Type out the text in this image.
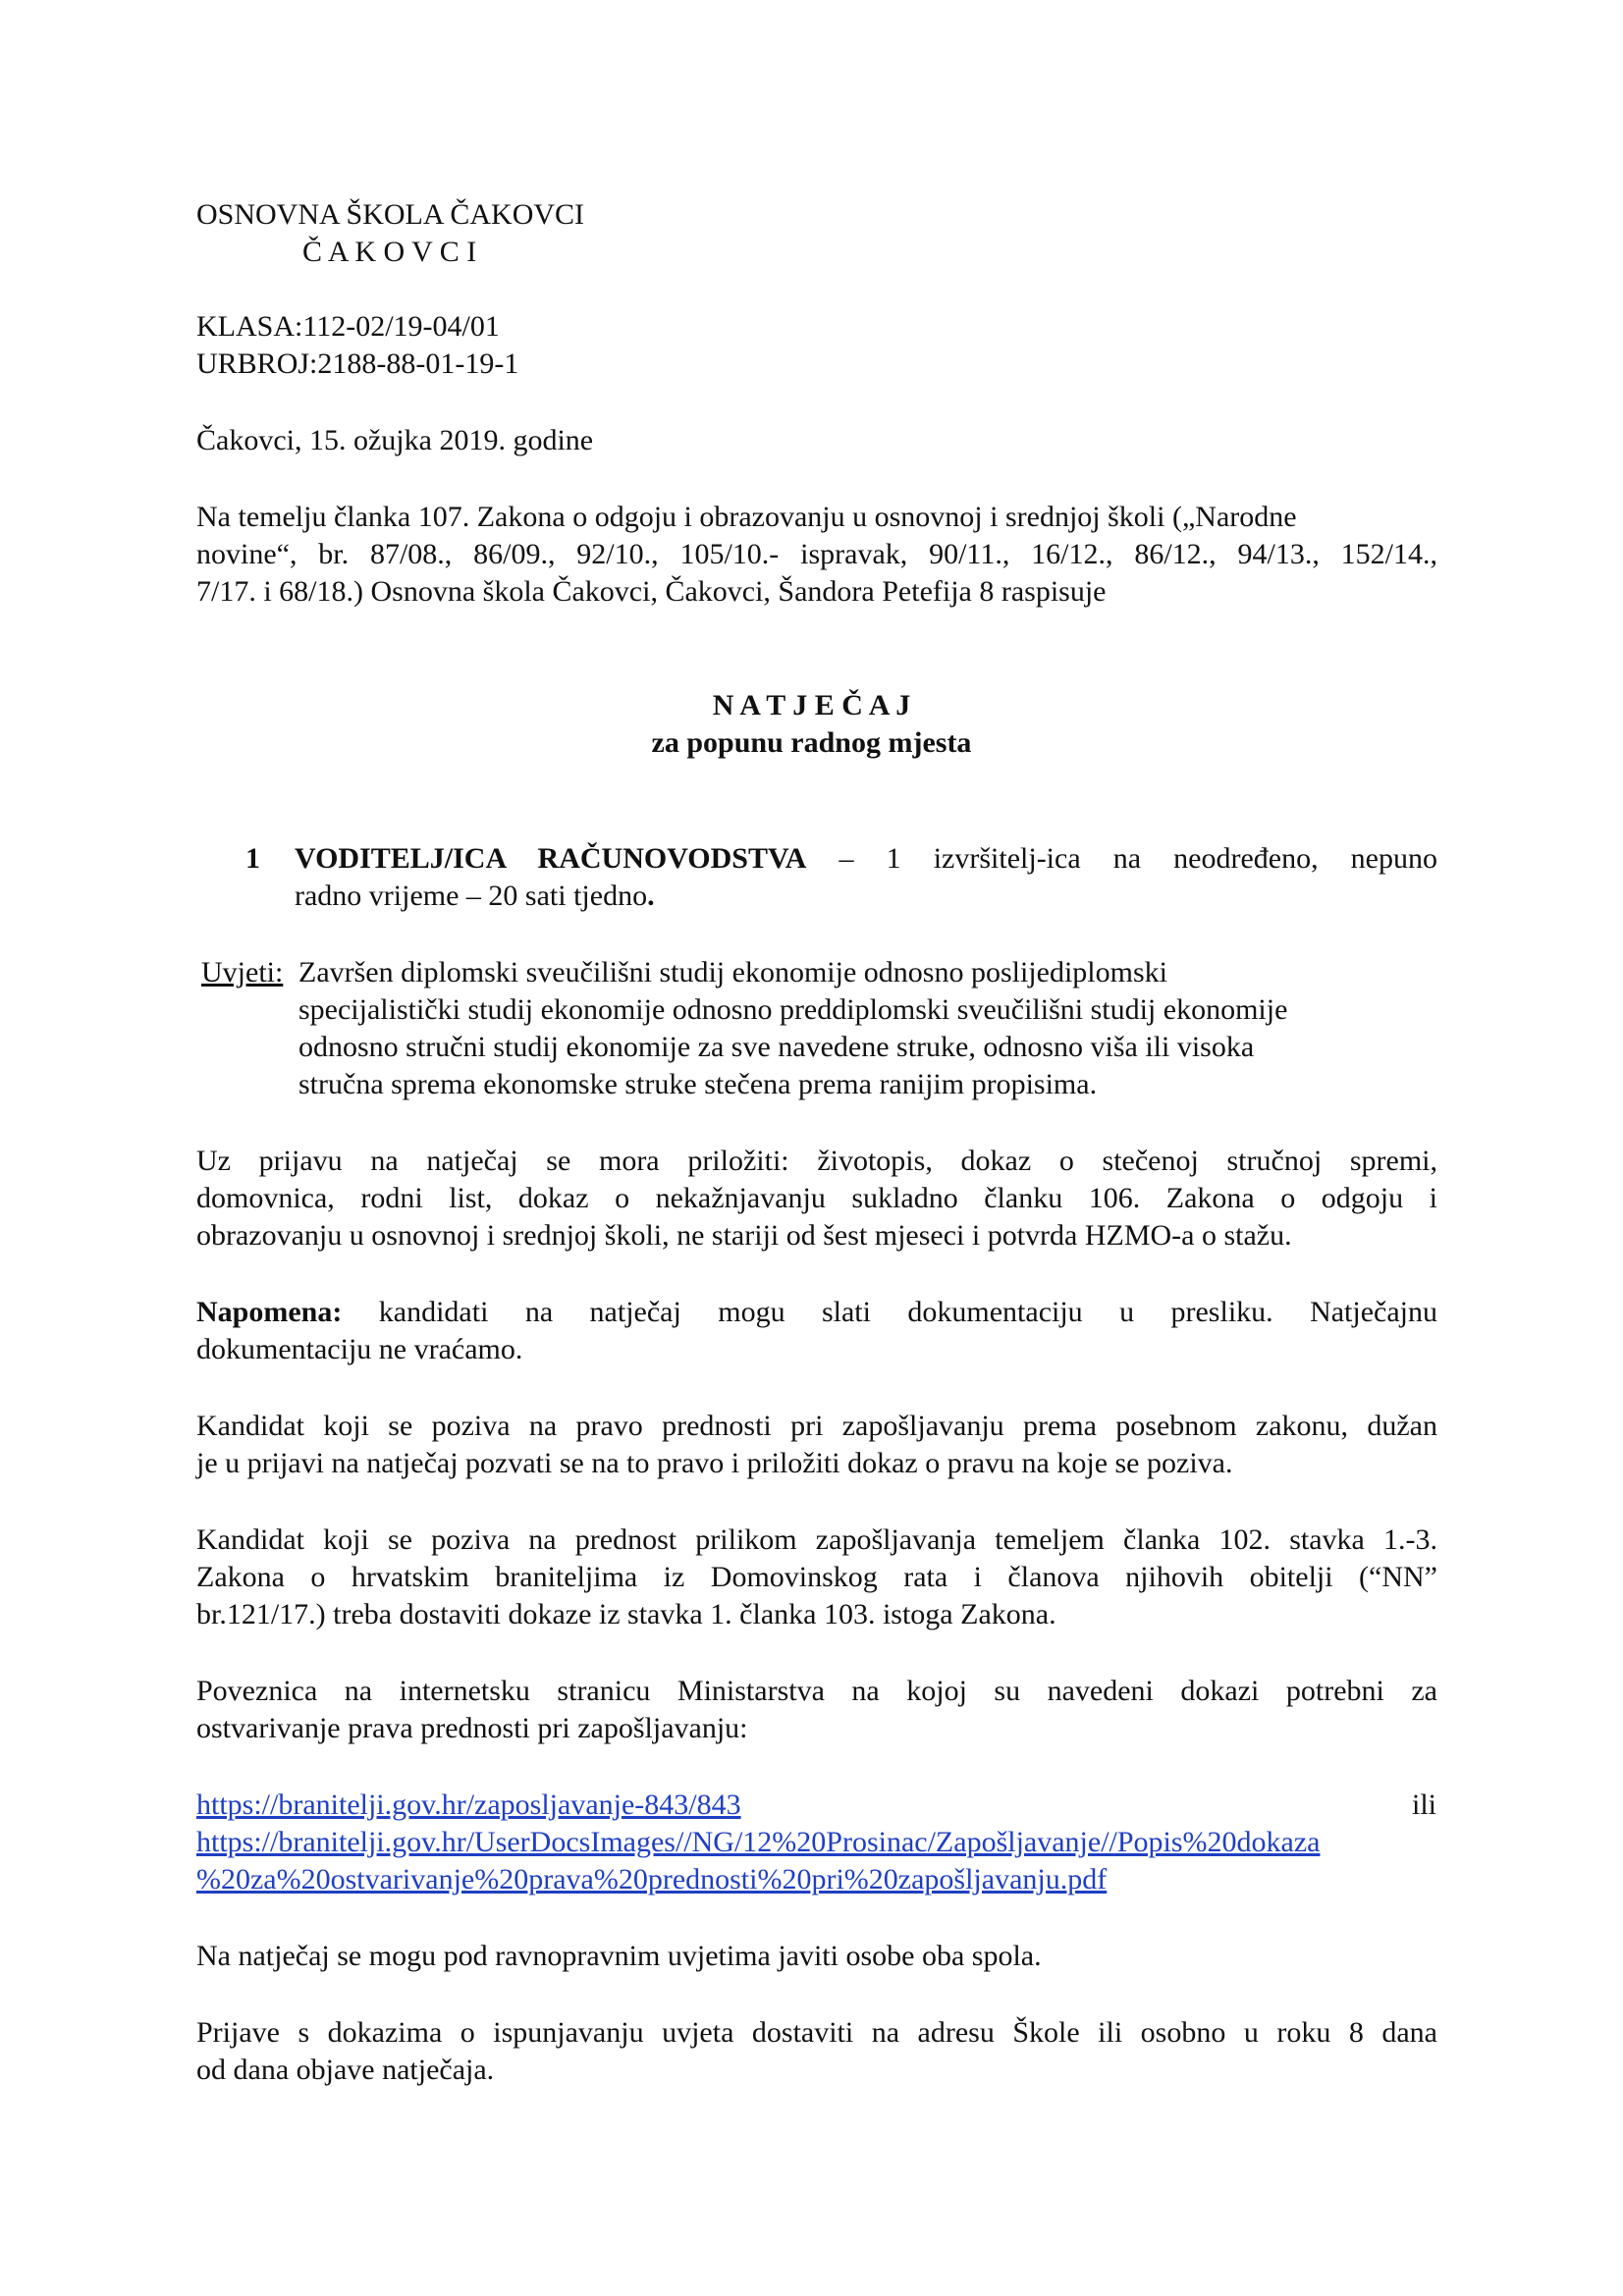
OSNOVNA ŠKOLA ČAKOVCI
Č A K O V C I
KLASA:112-02/19-04/01
URBROJ:2188-88-01-19-1
Čakovci, 15. ožujka 2019. godine
Na temelju članka 107. Zakona o odgoju i obrazovanju u osnovnoj i srednjoj školi („Narodne
novine“, br. 87/08., 86/09., 92/10., 105/10.- ispravak, 90/11., 16/12., 86/12., 94/13., 152/14.,
7/17. i 68/18.) Osnovna škola Čakovci, Čakovci, Šandora Petefija 8 raspisuje
N A T J E Č A J
za popunu radnog mjesta
1 VODITELJ/ICA RAČUNOVODSTVA – 1 izvršitelj-ica na neodređeno, nepuno
radno vrijeme – 20 sati tjedno.
Uvjeti: Završen diplomski sveučilišni studij ekonomije odnosno poslijediplomski
specijalistički studij ekonomije odnosno preddiplomski sveučilišni studij ekonomije
odnosno stručni studij ekonomije za sve navedene struke, odnosno viša ili visoka
stručna sprema ekonomske struke stečena prema ranijim propisima.
Uz prijavu na natječaj se mora priložiti: životopis, dokaz o stečenoj stručnoj spremi,
domovnica, rodni list, dokaz o nekažnjavanju sukladno članku 106. Zakona o odgoju i
obrazovanju u osnovnoj i srednjoj školi, ne stariji od šest mjeseci i potvrda HZMO-a o stažu.
Napomena: kandidati na natječaj mogu slati dokumentaciju u presliku. Natječajnu
dokumentaciju ne vraćamo.
Kandidat koji se poziva na pravo prednosti pri zapošljavanju prema posebnom zakonu, dužan
je u prijavi na natječaj pozvati se na to pravo i priložiti dokaz o pravu na koje se poziva.
Kandidat koji se poziva na prednost prilikom zapošljavanja temeljem članka 102. stavka 1.-3.
Zakona o hrvatskim braniteljima iz Domovinskog rata i članova njihovih obitelji (“NN”
br.121/17.) treba dostaviti dokaze iz stavka 1. članka 103. istoga Zakona.
Poveznica na internetsku stranicu Ministarstva na kojoj su navedeni dokazi potrebni za
ostvarivanje prava prednosti pri zapošljavanju:
https://branitelji.gov.hr/zaposljavanje-843/843	ili
https://branitelji.gov.hr/UserDocsImages//NG/12%20Prosinac/Zapošljavanje//Popis%20dokaza
%20za%20ostvarivanje%20prava%20prednosti%20pri%20zapošljavanju.pdf
Na natječaj se mogu pod ravnopravnim uvjetima javiti osobe oba spola.
Prijave s dokazima o ispunjavanju uvjeta dostaviti na adresu Škole ili osobno u roku 8 dana
od dana objave natječaja.
